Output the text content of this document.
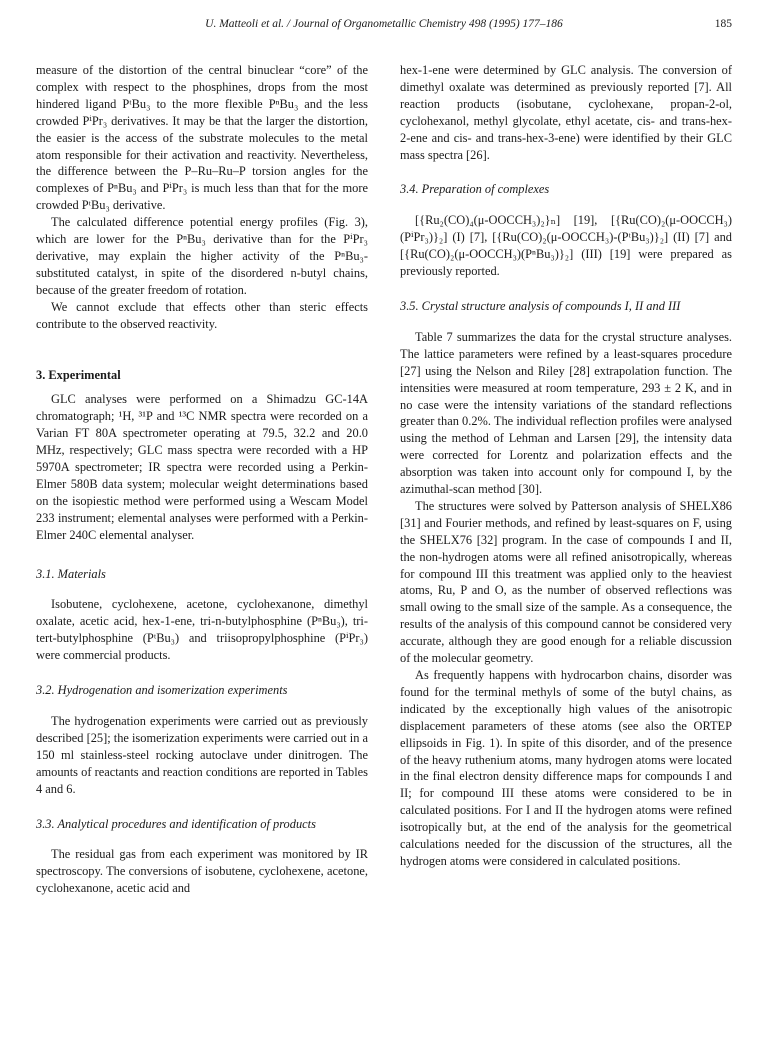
U. Matteoli et al. / Journal of Organometallic Chemistry 498 (1995) 177–186	185

measure of the distortion of the central binuclear “core” of the complex with respect to the phosphines, drops from the most hindered ligand PᵗBu₃ to the more flexible PⁿBu₃ and the less crowded PⁱPr₃ derivatives. It may be that the larger the distortion, the easier is the access of the substrate molecules to the metal atom responsible for their activation and reactivity. Nevertheless, the difference between the P–Ru–Ru–P torsion angles for the complexes of PⁿBu₃ and PⁱPr₃ is much less than that for the more crowded PᵗBu₃ derivative.

The calculated difference potential energy profiles (Fig. 3), which are lower for the PⁿBu₃ derivative than for the PⁱPr₃ derivative, may explain the higher activity of the PⁿBu₃-substituted catalyst, in spite of the disordered n-butyl chains, because of the greater freedom of rotation.

We cannot exclude that effects other than steric effects contribute to the observed reactivity.

3. Experimental

GLC analyses were performed on a Shimadzu GC-14A chromatograph; ¹H, ³¹P and ¹³C NMR spectra were recorded on a Varian FT 80A spectrometer operating at 79.5, 32.2 and 20.0 MHz, respectively; GLC mass spectra were recorded with a HP 5970A spectrometer; IR spectra were recorded using a Perkin-Elmer 580B data system; molecular weight determinations based on the isopiestic method were performed using a Wescam Model 233 instrument; elemental analyses were performed with a Perkin-Elmer 240C elemental analyser.

3.1. Materials

Isobutene, cyclohexene, acetone, cyclohexanone, dimethyl oxalate, acetic acid, hex-1-ene, tri-n-butylphosphine (PⁿBu₃), tri-tert-butylphosphine (PᵗBu₃) and triisopropylphosphine (PⁱPr₃) were commercial products.

3.2. Hydrogenation and isomerization experiments

The hydrogenation experiments were carried out as previously described [25]; the isomerization experiments were carried out in a 150 ml stainless-steel rocking autoclave under dinitrogen. The amounts of reactants and reaction conditions are reported in Tables 4 and 6.

3.3. Analytical procedures and identification of products

The residual gas from each experiment was monitored by IR spectroscopy. The conversions of isobutene, cyclohexene, acetone, cyclohexanone, acetic acid and

hex-1-ene were determined by GLC analysis. The conversion of dimethyl oxalate was determined as previously reported [7]. All reaction products (isobutane, cyclohexane, propan-2-ol, cyclohexanol, methyl glycolate, ethyl acetate, cis- and trans-hex-2-ene and cis- and trans-hex-3-ene) were identified by their GLC mass spectra [26].

3.4. Preparation of complexes

[{Ru₂(CO)₄(μ-OOCCH₃)₂}ₙ] [19], [{Ru(CO)₂(μ-OOCCH₃)(PⁱPr₃)}₂] (I) [7], [{Ru(CO)₂(μ-OOCCH₃)-(PᵗBu₃)}₂] (II) [7] and [{Ru(CO)₂(μ-OOCCH₃)(PⁿBu₃)}₂] (III) [19] were prepared as previously reported.

3.5. Crystal structure analysis of compounds I, II and III

Table 7 summarizes the data for the crystal structure analyses. The lattice parameters were refined by a least-squares procedure [27] using the Nelson and Riley [28] extrapolation function. The intensities were measured at room temperature, 293 ± 2 K, and in no case were the intensity variations of the standard reflections greater than 0.2%. The individual reflection profiles were analysed using the method of Lehman and Larsen [29], the intensity data were corrected for Lorentz and polarization effects and the absorption was taken into account only for compound I, by the azimuthal-scan method [30].

The structures were solved by Patterson analysis of SHELX86 [31] and Fourier methods, and refined by least-squares on F, using the SHELX76 [32] program. In the case of compounds I and II, the non-hydrogen atoms were all refined anisotropically, whereas for compound III this treatment was applied only to the heaviest atoms, Ru, P and O, as the number of observed reflections was small owing to the small size of the sample. As a consequence, the results of the analysis of this compound cannot be considered very accurate, although they are good enough for a reliable discussion of the molecular geometry.

As frequently happens with hydrocarbon chains, disorder was found for the terminal methyls of some of the butyl chains, as indicated by the exceptionally high values of the anisotropic displacement parameters of these atoms (see also the ORTEP ellipsoids in Fig. 1). In spite of this disorder, and of the presence of the heavy ruthenium atoms, many hydrogen atoms were located in the final electron density difference maps for compounds I and II; for compound III these atoms were considered to be in calculated positions. For I and II the hydrogen atoms were refined isotropically but, at the end of the analysis for the geometrical calculations needed for the discussion of the structures, all the hydrogen atoms were considered in calculated positions.
